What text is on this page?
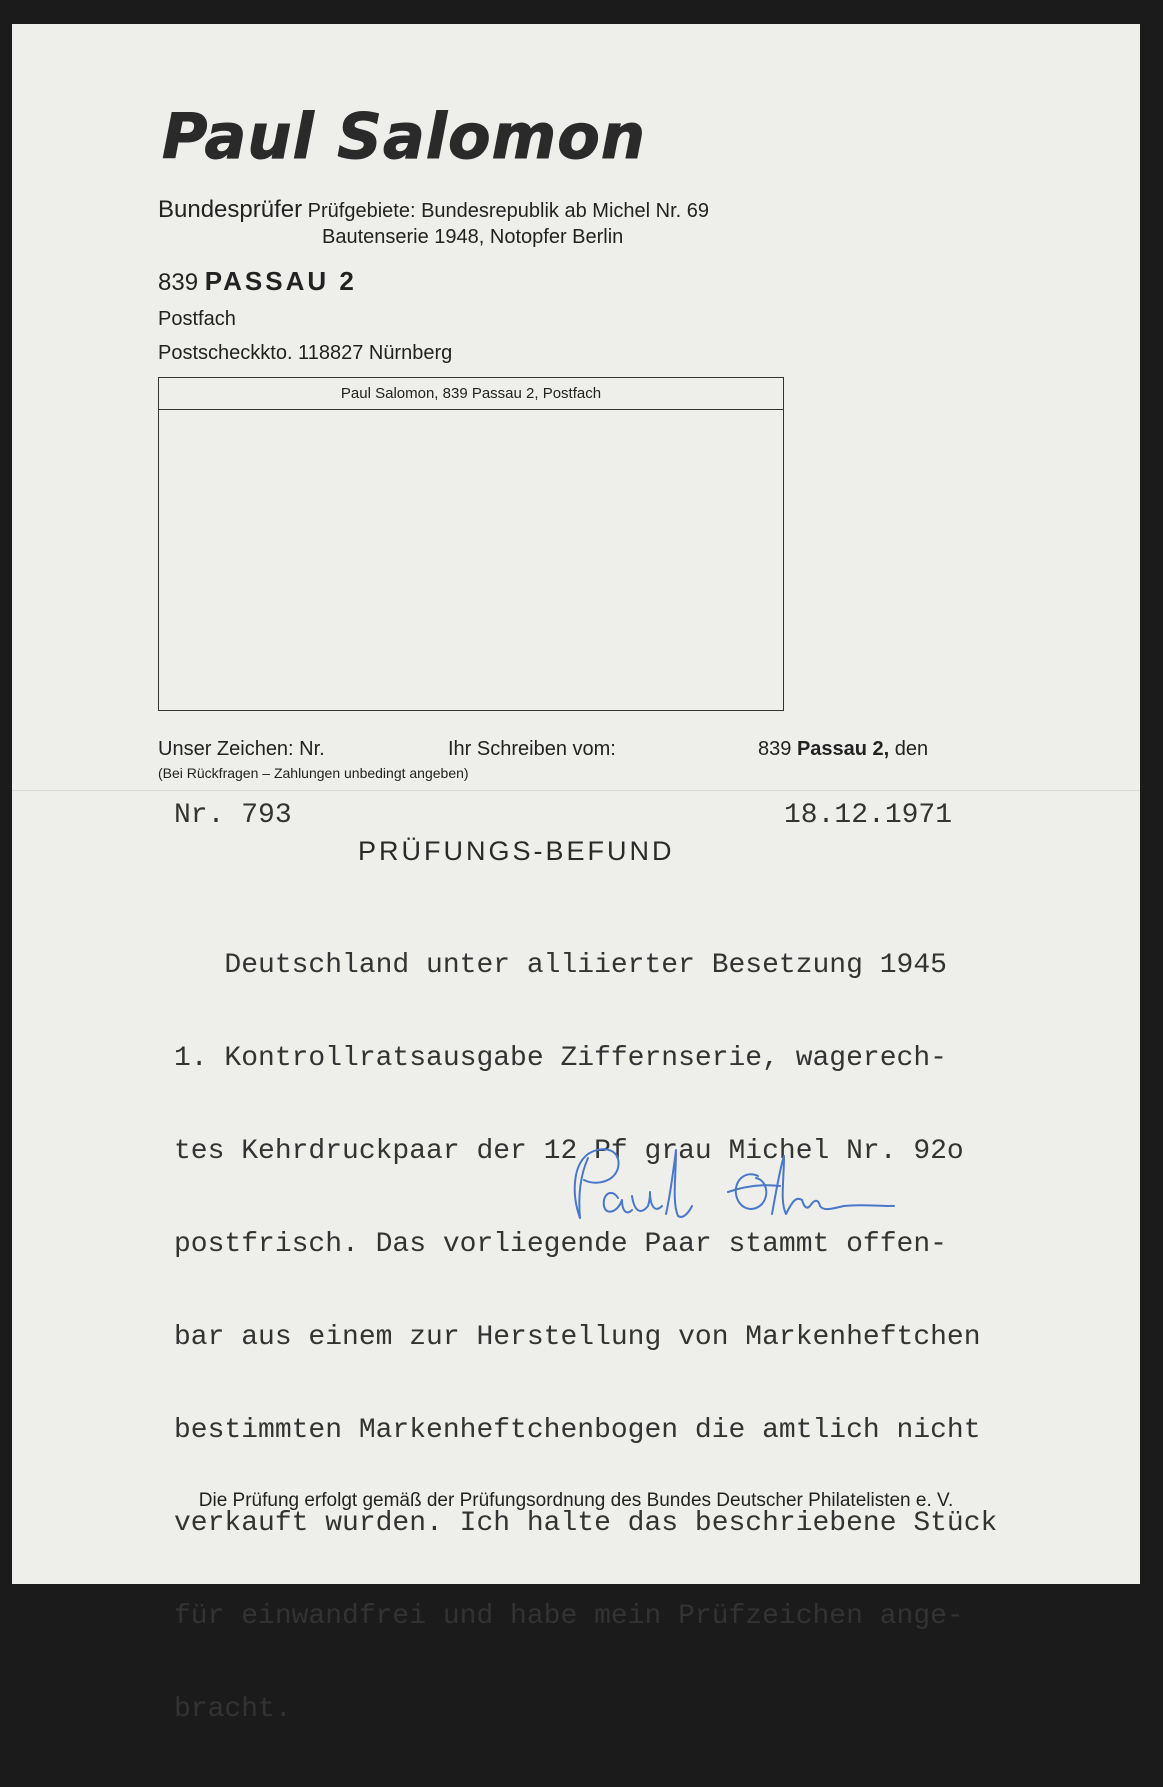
Paul Salomon
Bundesprüfer Prüfgebiete: Bundesrepublik ab Michel Nr. 69
Bautenserie 1948, Notopfer Berlin
839 PASSAU 2
Postfach
Postscheckkto. 118827 Nürnberg
Paul Salomon, 839 Passau 2, Postfach
Unser Zeichen: Nr.	Ihr Schreiben vom:	839 Passau 2, den
(Bei Rückfragen – Zahlungen unbedingt angeben)
Nr. 793	18.12.1971
PRÜFUNGS-BEFUND

Deutschland unter alliierter Besetzung 1945

1. Kontrollratsausgabe Ziffernserie, wagerech-

tes Kehrdruckpaar der 12 Pf grau Michel Nr. 92o

postfrisch. Das vorliegende Paar stammt offen-

bar aus einem zur Herstellung von Markenheftchen

bestimmten Markenheftchenbogen die amtlich nicht

verkauft wurden. Ich halte das beschriebene Stück

für einwandfrei und habe mein Prüfzeichen ange-

bracht.

Die Prüfung erfolgt gemäß der Prüfungsordnung des Bundes Deutscher Philatelisten e. V.
